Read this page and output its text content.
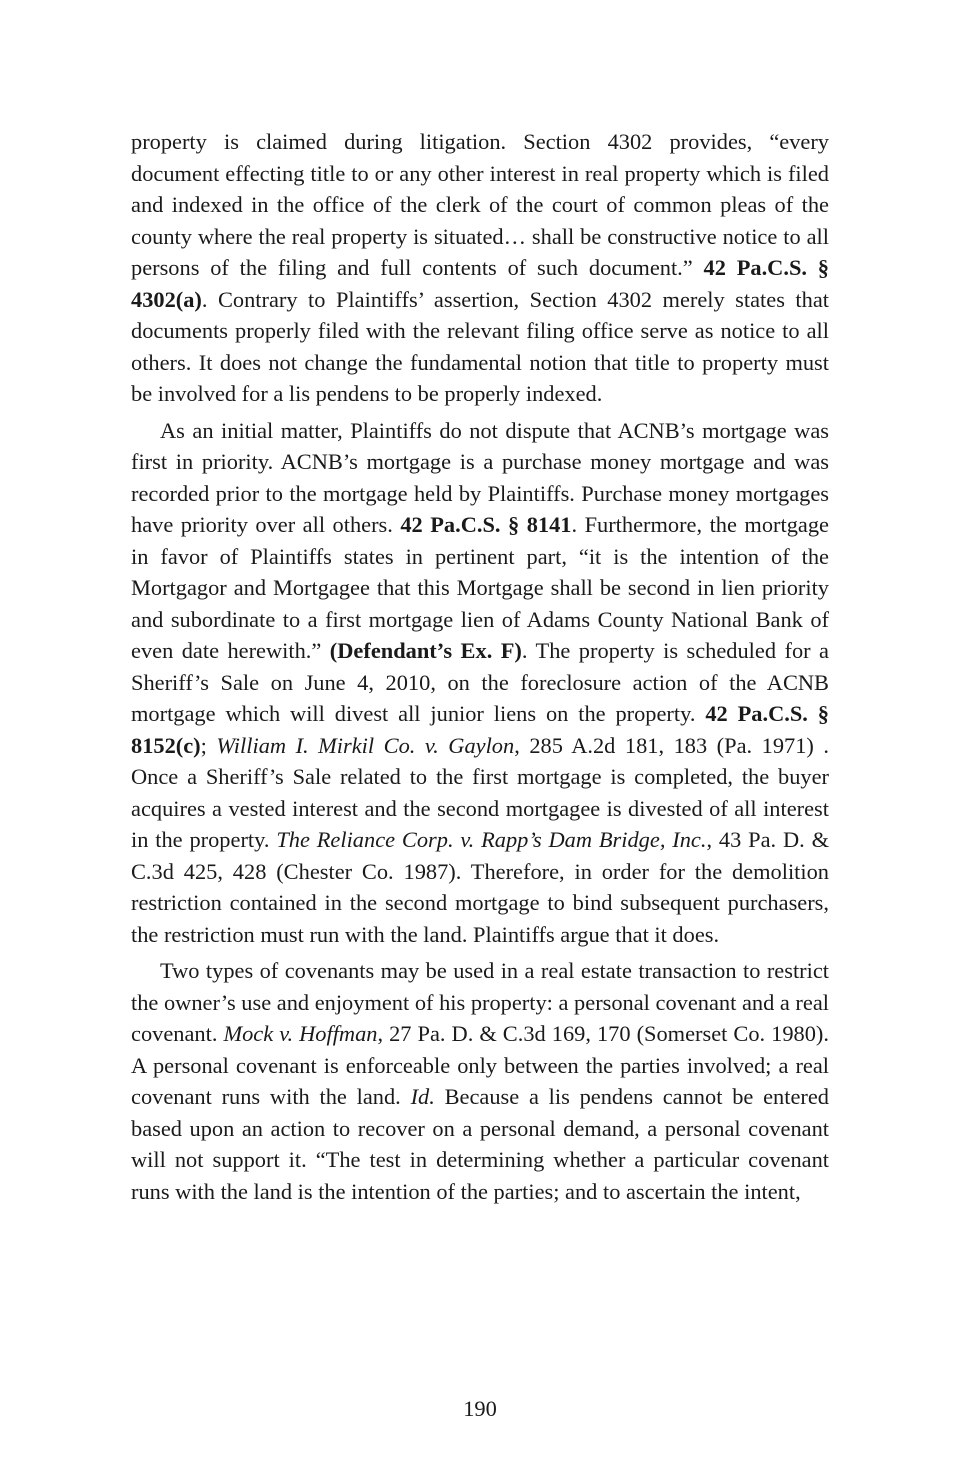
property is claimed during litigation. Section 4302 provides, “every document effecting title to or any other interest in real property which is filed and indexed in the office of the clerk of the court of common pleas of the county where the real property is situated… shall be constructive notice to all persons of the filing and full contents of such document.” 42 Pa.C.S. § 4302(a). Contrary to Plaintiffs’ assertion, Section 4302 merely states that documents properly filed with the relevant filing office serve as notice to all others. It does not change the fundamental notion that title to property must be involved for a lis pendens to be properly indexed.

As an initial matter, Plaintiffs do not dispute that ACNB’s mortgage was first in priority. ACNB’s mortgage is a purchase money mortgage and was recorded prior to the mortgage held by Plaintiffs. Purchase money mortgages have priority over all others. 42 Pa.C.S. § 8141. Furthermore, the mortgage in favor of Plaintiffs states in pertinent part, “it is the intention of the Mortgagor and Mortgagee that this Mortgage shall be second in lien priority and subordinate to a first mortgage lien of Adams County National Bank of even date herewith.” (Defendant’s Ex. F). The property is scheduled for a Sheriff’s Sale on June 4, 2010, on the foreclosure action of the ACNB mortgage which will divest all junior liens on the property. 42 Pa.C.S. § 8152(c); William I. Mirkil Co. v. Gaylon, 285 A.2d 181, 183 (Pa. 1971) . Once a Sheriff’s Sale related to the first mortgage is completed, the buyer acquires a vested interest and the second mortgagee is divested of all interest in the property. The Reliance Corp. v. Rapp’s Dam Bridge, Inc., 43 Pa. D. & C.3d 425, 428 (Chester Co. 1987). Therefore, in order for the demolition restriction contained in the second mortgage to bind subsequent purchasers, the restriction must run with the land. Plaintiffs argue that it does.

Two types of covenants may be used in a real estate transaction to restrict the owner’s use and enjoyment of his property: a personal covenant and a real covenant. Mock v. Hoffman, 27 Pa. D. & C.3d 169, 170 (Somerset Co. 1980). A personal covenant is enforceable only between the parties involved; a real covenant runs with the land. Id. Because a lis pendens cannot be entered based upon an action to recover on a personal demand, a personal covenant will not support it. “The test in determining whether a particular covenant runs with the land is the intention of the parties; and to ascertain the intent,

190
